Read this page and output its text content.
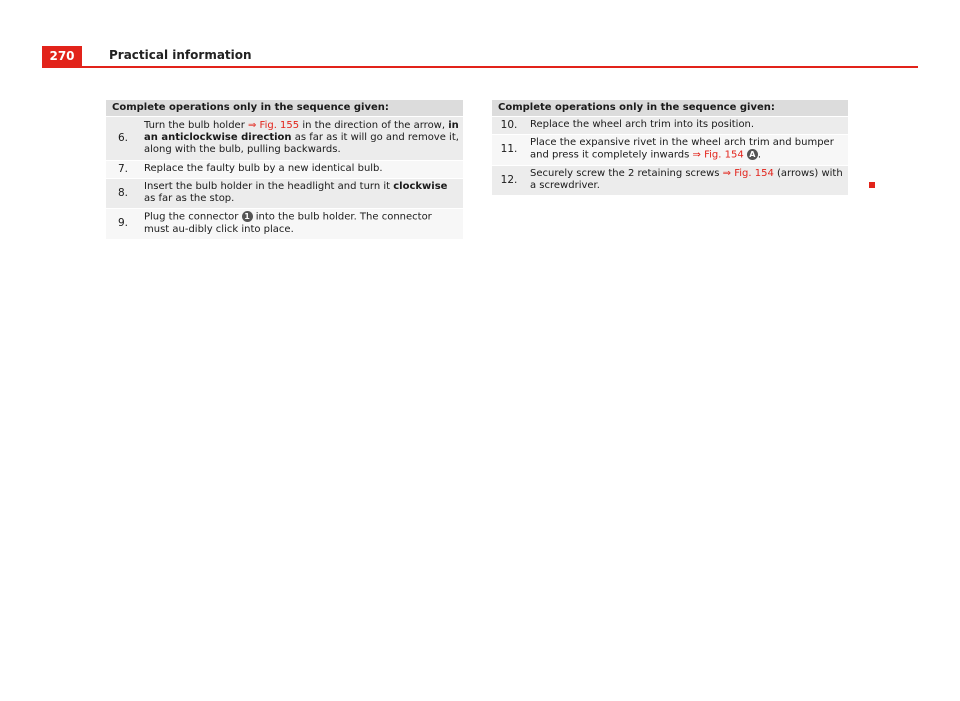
270	Practical information
Complete operations only in the sequence given:	
6.	Turn the bulb holder ⇒ Fig. 155 in the direction of the arrow, in an anticlockwise direction as far as it will go and remove it, along with the bulb, pulling backwards.
7.	Replace the faulty bulb by a new identical bulb.
8.	Insert the bulb holder in the headlight and turn it clockwise as far as the stop.
9.	Plug the connector 1 into the bulb holder. The connector must au-dibly click into place.
Complete operations only in the sequence given:	
10.	Replace the wheel arch trim into its position.
11.	Place the expansive rivet in the wheel arch trim and bumper and press it completely inwards ⇒ Fig. 154 A .
12.	Securely screw the 2 retaining screws ⇒ Fig. 154 (arrows) with a screwdriver.
